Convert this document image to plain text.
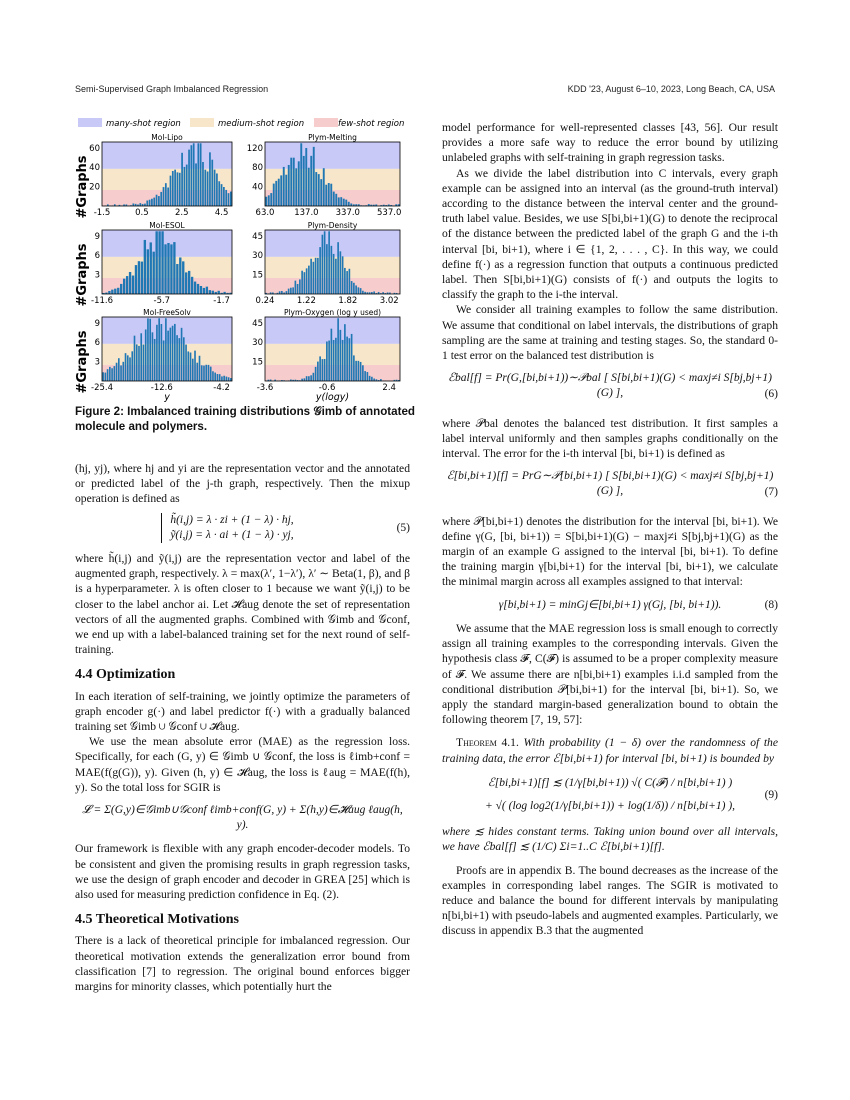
Semi-Supervised Graph Imbalanced Regression	KDD '23, August 6–10, 2023, Long Beach, CA, USA
many-shot region	medium-shot region	few-shot region
Mol-Lipo
-1.5	0.5	2.5	4.5
20
40
60
Plym-Melting
63.0 137.0 337.0 537.0
40
80
120
Mol-ESOL
-11.6	-5.7	-1.7
3
6
9
Plym-Density
0.24	1.22	1.82	3.02
15
30
45
Mol-FreeSolv
-25.4	-12.6	-4.2
3
6
9
y
Plym-Oxygen (log y used)
-3.6	-0.6	2.4
15
30
45
y(logy)
#Graphs
#Graphs
#Graphs
Figure 2: Imbalanced training distributions 𝒢imb of annotated molecule and polymers.

(hj, yj), where hj and yi are the representation vector and the annotated or predicted label of the j-th graph, respectively. Then the mixup operation is defined as

h̃(i,j) = λ · zi + (1 − λ) · hj,
ỹ(i,j) = λ · ai + (1 − λ) · yj,
(5)

where h̃(i,j) and ỹ(i,j) are the representation vector and label of the augmented graph, respectively. λ = max(λ′, 1−λ′), λ′ ∼ Beta(1, β), and β is a hyperparameter. λ is often closer to 1 because we want ỹ(i,j) to be closer to the label anchor ai. Let 𝓗aug denote the set of representation vectors of all the augmented graphs. Combined with 𝒢imb and 𝒢conf, we end up with a label-balanced training set for the next round of self-training.

4.4 Optimization

In each iteration of self-training, we jointly optimize the parameters of graph encoder g(·) and label predictor f(·) with a gradually balanced training set 𝒢imb ∪ 𝒢conf ∪ 𝓗aug.

We use the mean absolute error (MAE) as the regression loss. Specifically, for each (G, y) ∈ 𝒢imb ∪ 𝒢conf, the loss is ℓimb+conf = MAE(f(g(G)), y). Given (h, y) ∈ 𝓗aug, the loss is ℓaug = MAE(f(h), y). So the total loss for SGIR is

𝓛 = Σ(G,y)∈𝒢imb∪𝒢conf ℓimb+conf(G, y) + Σ(h,y)∈𝓗aug ℓaug(h, y).

Our framework is flexible with any graph encoder-decoder models. To be consistent and given the promising results in graph regression tasks, we use the design of graph encoder and decoder in GREA [25] which is also used for measuring prediction confidence in Eq. (2).

4.5 Theoretical Motivations

There is a lack of theoretical principle for imbalanced regression. Our theoretical motivation extends the generalization error bound from classification [7] to regression. The original bound enforces bigger margins for minority classes, which potentially hurt the

model performance for well-represented classes [43, 56]. Our result provides a more safe way to reduce the error bound by utilizing unlabeled graphs with self-training in graph regression tasks.

As we divide the label distribution into C intervals, every graph example can be assigned into an interval (as the ground-truth interval) according to the distance between the interval center and the ground-truth label value. Besides, we use S[bi,bi+1)(G) to denote the reciprocal of the distance between the predicted label of the graph G and the i-th interval [bi, bi+1), where i ∈ {1, 2, . . . , C}. In this way, we could define f(·) as a regression function that outputs a continuous predicted label. Then S[bi,bi+1)(G) consists of f(·) and outputs the logits to classify the graph to the i-the interval.

We consider all training examples to follow the same distribution. We assume that conditional on label intervals, the distributions of graph sampling are the same at training and testing stages. So, the standard 0-1 test error on the balanced test distribution is

ℰbal[f] = Pr(G,[bi,bi+1))∼𝒫bal [ S[bi,bi+1)(G) < maxj≠i S[bj,bj+1)(G) ],	(6)

where 𝒫bal denotes the balanced test distribution. It first samples a label interval uniformly and then samples graphs conditionally on the interval. The error for the i-th interval [bi, bi+1) is defined as

ℰ[bi,bi+1)[f] = PrG∼𝒫[bi,bi+1) [ S[bi,bi+1)(G) < maxj≠i S[bj,bj+1)(G) ],	(7)

where 𝒫[bi,bi+1) denotes the distribution for the interval [bi, bi+1). We define γ(G, [bi, bi+1)) = S[bi,bi+1)(G) − maxj≠i S[bj,bj+1)(G) as the margin of an example G assigned to the interval [bi, bi+1). To define the training margin γ[bi,bi+1) for the interval [bi, bi+1), we calculate the minimal margin across all examples assigned to that interval:

γ[bi,bi+1) = minGj∈[bi,bi+1) γ(Gj, [bi, bi+1)).	(8)

We assume that the MAE regression loss is small enough to correctly assign all training examples to the corresponding intervals. Given the hypothesis class 𝓕, C(𝓕) is assumed to be a proper complexity measure of 𝓕. We assume there are n[bi,bi+1) examples i.i.d sampled from the conditional distribution 𝒫[bi,bi+1) for the interval [bi, bi+1). So, we apply the standard margin-based generalization bound to obtain the following theorem [7, 19, 57]:

Theorem 4.1. With probability (1 − δ) over the randomness of the training data, the error ℰ[bi,bi+1) for interval [bi, bi+1) is bounded by

ℰ[bi,bi+1)[f] ≲ (1/γ[bi,bi+1)) √( C(𝓕) / n[bi,bi+1) )
+ √( (log log2(1/γ[bi,bi+1)) + log(1/δ)) / n[bi,bi+1) ),
(9)

where ≲ hides constant terms. Taking union bound over all intervals, we have ℰbal[f] ≲ (1/C) Σi=1..C ℰ[bi,bi+1)[f].

Proofs are in appendix B. The bound decreases as the increase of the examples in corresponding label ranges. The SGIR is motivated to reduce and balance the bound for different intervals by manipulating n[bi,bi+1) with pseudo-labels and augmented examples. Particularly, we discuss in appendix B.3 that the augmented
